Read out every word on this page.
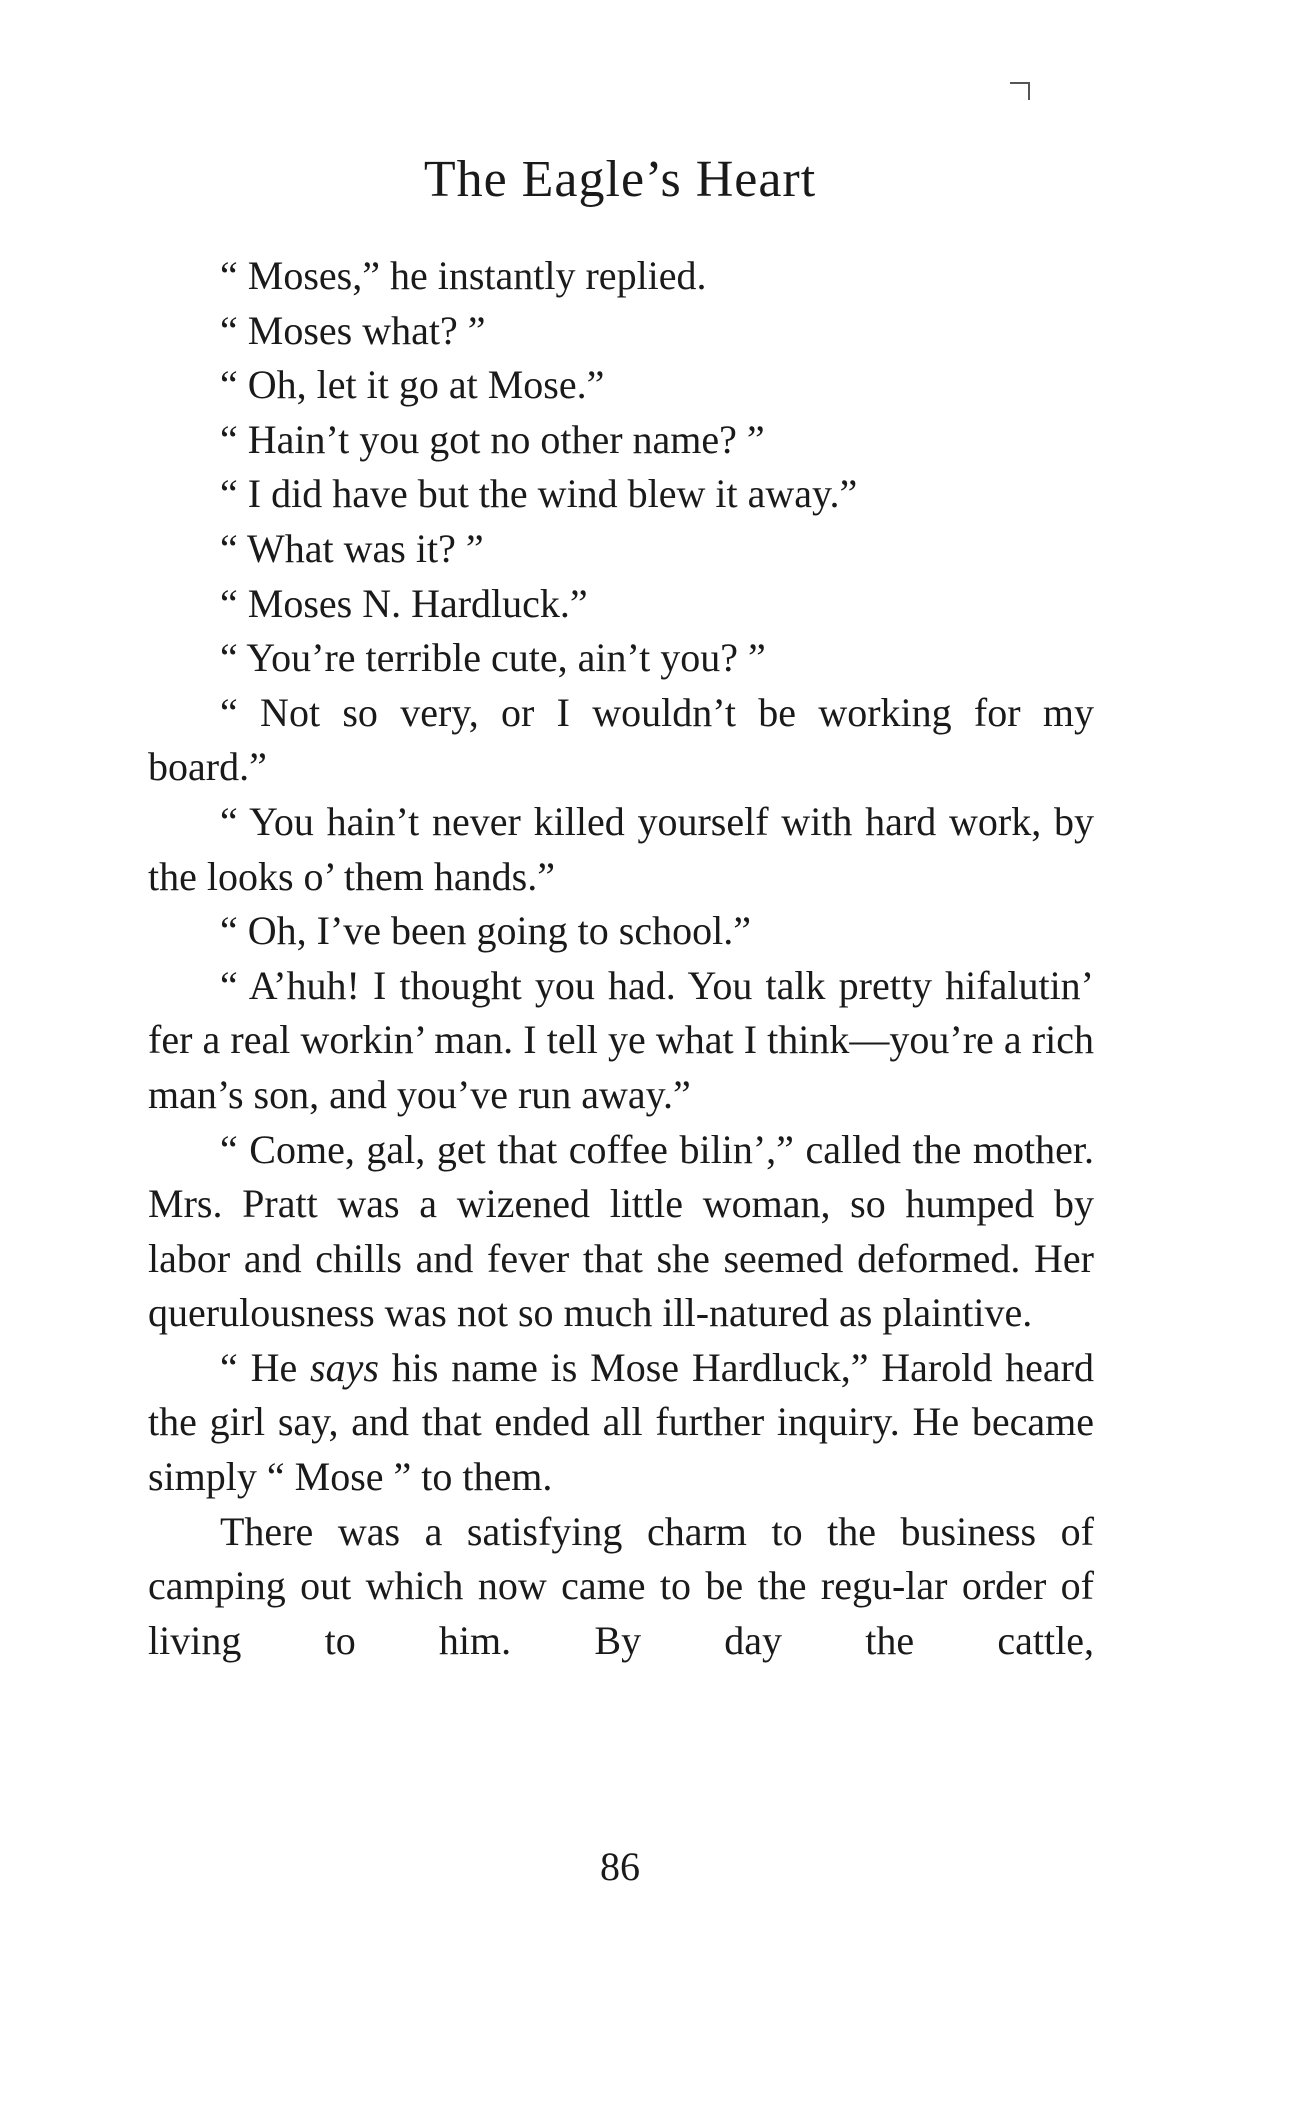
The Eagle’s Heart

“ Moses,” he instantly replied.

“ Moses what? ”

“ Oh, let it go at Mose.”

“ Hain’t you got no other name? ”

“ I did have but the wind blew it away.”

“ What was it? ”

“ Moses N. Hardluck.”

“ You’re terrible cute, ain’t you? ”

“ Not so very, or I wouldn’t be working for my board.”

“ You hain’t never killed yourself with hard work, by the looks o’ them hands.”

“ Oh, I’ve been going to school.”

“ A’huh! I thought you had. You talk pretty hifalutin’ fer a real workin’ man. I tell ye what I think—you’re a rich man’s son, and you’ve run away.”

“ Come, gal, get that coffee bilin’,” called the mother. Mrs. Pratt was a wizened little woman, so humped by labor and chills and fever that she seemed deformed. Her querulousness was not so much ill-natured as plaintive.

“ He says his name is Mose Hardluck,” Harold heard the girl say, and that ended all further inquiry. He became simply “ Mose ” to them.

There was a satisfying charm to the business of camping out which now came to be the regu-lar order of living to him. By day the cattle,

86
